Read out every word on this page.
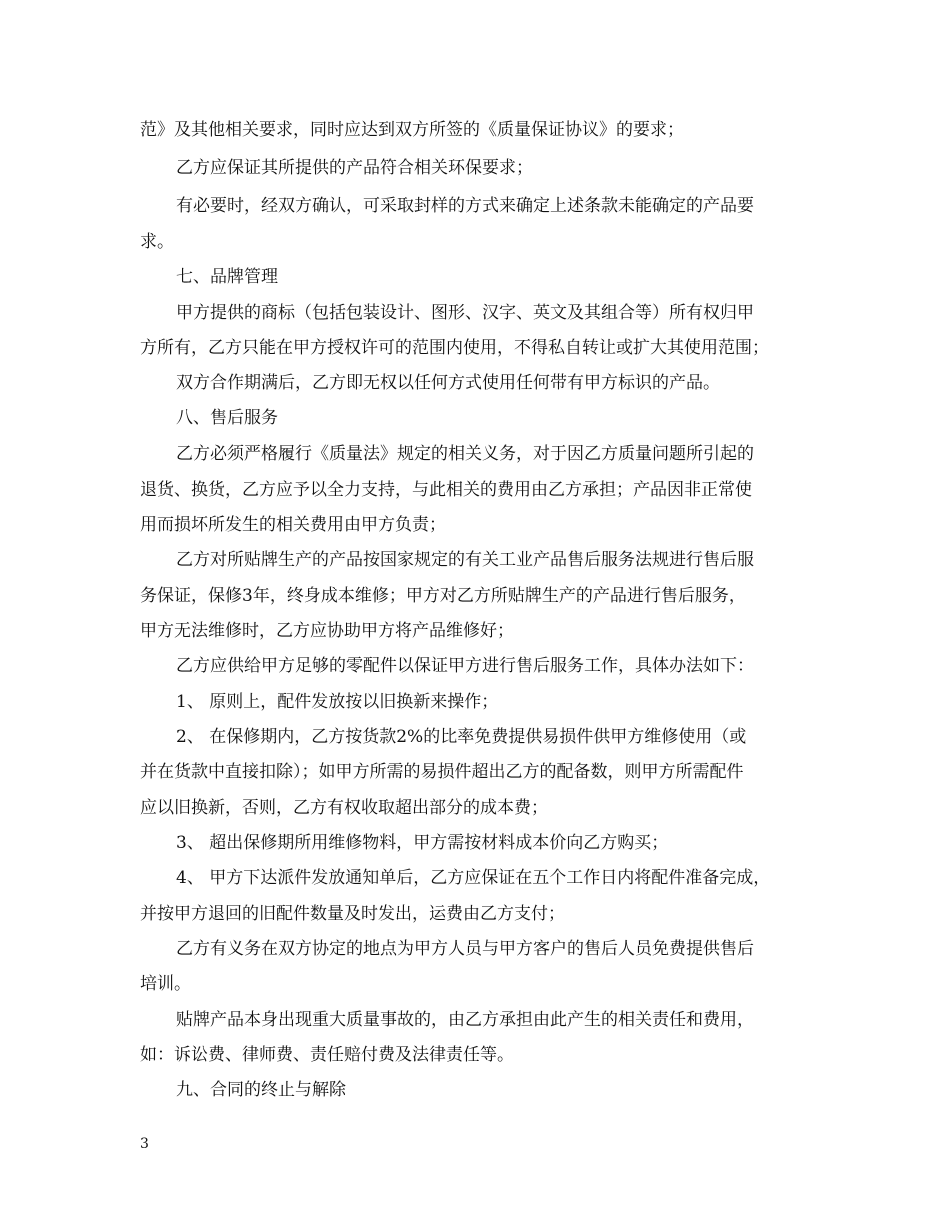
范》及其他相关要求，同时应达到双方所签的《质量保证协议》的要求；
乙方应保证其所提供的产品符合相关环保要求；
有必要时，经双方确认，可采取封样的方式来确定上述条款未能确定的产品要
求。
七、品牌管理
甲方提供的商标（包括包装设计、图形、汉字、英文及其组合等）所有权归甲
方所有，乙方只能在甲方授权许可的范围内使用，不得私自转让或扩大其使用范围；
双方合作期满后，乙方即无权以任何方式使用任何带有甲方标识的产品。
八、售后服务
乙方必须严格履行《质量法》规定的相关义务，对于因乙方质量问题所引起的
退货、换货，乙方应予以全力支持，与此相关的费用由乙方承担；产品因非正常使
用而损坏所发生的相关费用由甲方负责；
乙方对所贴牌生产的产品按国家规定的有关工业产品售后服务法规进行售后服
务保证，保修3年，终身成本维修；甲方对乙方所贴牌生产的产品进行售后服务，
甲方无法维修时，乙方应协助甲方将产品维修好；
乙方应供给甲方足够的零配件以保证甲方进行售后服务工作，具体办法如下：
1、 原则上，配件发放按以旧换新来操作；
2、 在保修期内，乙方按货款2%的比率免费提供易损件供甲方维修使用（或
并在货款中直接扣除）；如甲方所需的易损件超出乙方的配备数，则甲方所需配件
应以旧换新，否则，乙方有权收取超出部分的成本费；
3、 超出保修期所用维修物料，甲方需按材料成本价向乙方购买；
4、 甲方下达派件发放通知单后，乙方应保证在五个工作日内将配件准备完成，
并按甲方退回的旧配件数量及时发出，运费由乙方支付；
乙方有义务在双方协定的地点为甲方人员与甲方客户的售后人员免费提供售后
培训。
贴牌产品本身出现重大质量事故的，由乙方承担由此产生的相关责任和费用，
如：诉讼费、律师费、责任赔付费及法律责任等。
九、合同的终止与解除
3
